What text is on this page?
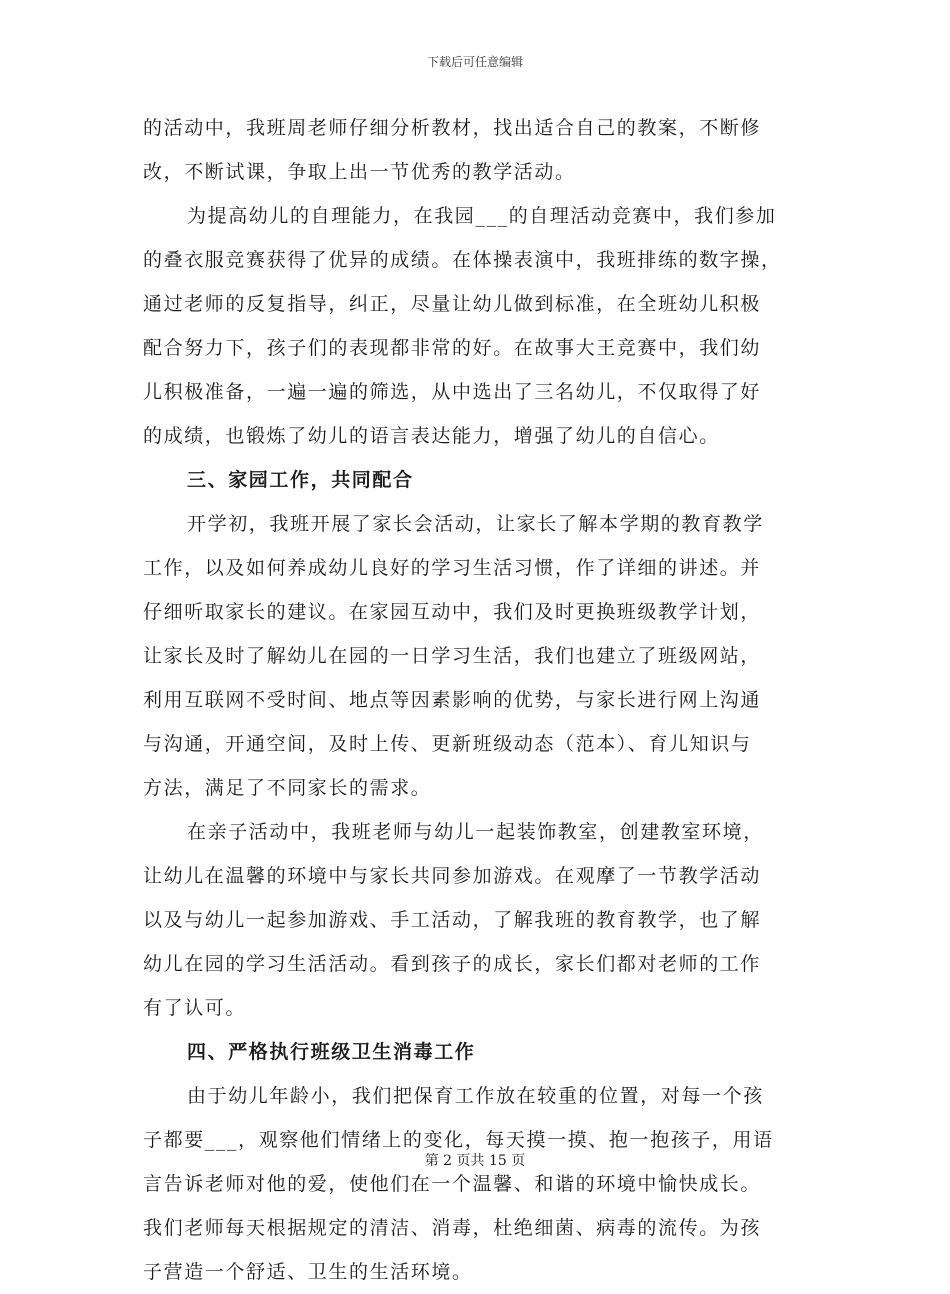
下载后可任意编辑
的活动中，我班周老师仔细分析教材，找出适合自己的教案，不断修
改，不断试课，争取上出一节优秀的教学活动。
为提高幼儿的自理能力，在我园___的自理活动竞赛中，我们参加
的叠衣服竞赛获得了优异的成绩。在体操表演中，我班排练的数字操，
通过老师的反复指导，纠正，尽量让幼儿做到标准，在全班幼儿积极
配合努力下，孩子们的表现都非常的好。在故事大王竞赛中，我们幼
儿积极准备，一遍一遍的筛选，从中选出了三名幼儿，不仅取得了好
的成绩，也锻炼了幼儿的语言表达能力，增强了幼儿的自信心。
三、家园工作，共同配合
开学初，我班开展了家长会活动，让家长了解本学期的教育教学
工作，以及如何养成幼儿良好的学习生活习惯，作了详细的讲述。并
仔细听取家长的建议。在家园互动中，我们及时更换班级教学计划，
让家长及时了解幼儿在园的一日学习生活，我们也建立了班级网站，
利用互联网不受时间、地点等因素影响的优势，与家长进行网上沟通
与沟通，开通空间，及时上传、更新班级动态（范本）、育儿知识与
方法，满足了不同家长的需求。
在亲子活动中，我班老师与幼儿一起装饰教室，创建教室环境，
让幼儿在温馨的环境中与家长共同参加游戏。在观摩了一节教学活动
以及与幼儿一起参加游戏、手工活动，了解我班的教育教学，也了解
幼儿在园的学习生活活动。看到孩子的成长，家长们都对老师的工作
有了认可。
四、严格执行班级卫生消毒工作
由于幼儿年龄小，我们把保育工作放在较重的位置，对每一个孩
子都要___，观察他们情绪上的变化，每天摸一摸、抱一抱孩子，用语
言告诉老师对他的爱，使他们在一个温馨、和谐的环境中愉快成长。
我们老师每天根据规定的清洁、消毒，杜绝细菌、病毒的流传。为孩
子营造一个舒适、卫生的生活环境。
第 2 页共 15 页
